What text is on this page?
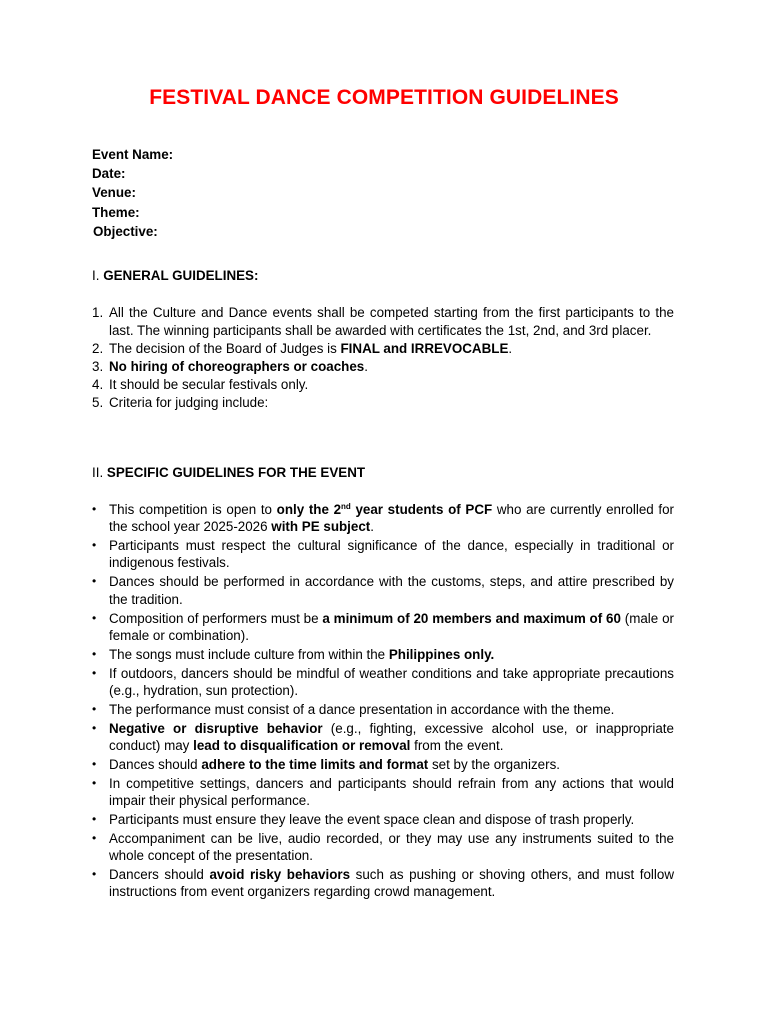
FESTIVAL DANCE COMPETITION GUIDELINES
Event Name:
Date:
Venue:
Theme:
Objective:
I. GENERAL GUIDELINES:
1. All the Culture and Dance events shall be competed starting from the first participants to the last. The winning participants shall be awarded with certificates the 1st, 2nd, and 3rd placer.
2. The decision of the Board of Judges is FINAL and IRREVOCABLE.
3. No hiring of choreographers or coaches.
4. It should be secular festivals only.
5. Criteria for judging include:
II. SPECIFIC GUIDELINES FOR THE EVENT
• This competition is open to only the 2nd year students of PCF who are currently enrolled for the school year 2025-2026 with PE subject.
• Participants must respect the cultural significance of the dance, especially in traditional or indigenous festivals.
• Dances should be performed in accordance with the customs, steps, and attire prescribed by the tradition.
• Composition of performers must be a minimum of 20 members and maximum of 60 (male or female or combination).
• The songs must include culture from within the Philippines only.
• If outdoors, dancers should be mindful of weather conditions and take appropriate precautions (e.g., hydration, sun protection).
• The performance must consist of a dance presentation in accordance with the theme.
• Negative or disruptive behavior (e.g., fighting, excessive alcohol use, or inappropriate conduct) may lead to disqualification or removal from the event.
• Dances should adhere to the time limits and format set by the organizers.
• In competitive settings, dancers and participants should refrain from any actions that would impair their physical performance.
• Participants must ensure they leave the event space clean and dispose of trash properly.
• Accompaniment can be live, audio recorded, or they may use any instruments suited to the whole concept of the presentation.
• Dancers should avoid risky behaviors such as pushing or shoving others, and must follow instructions from event organizers regarding crowd management.
